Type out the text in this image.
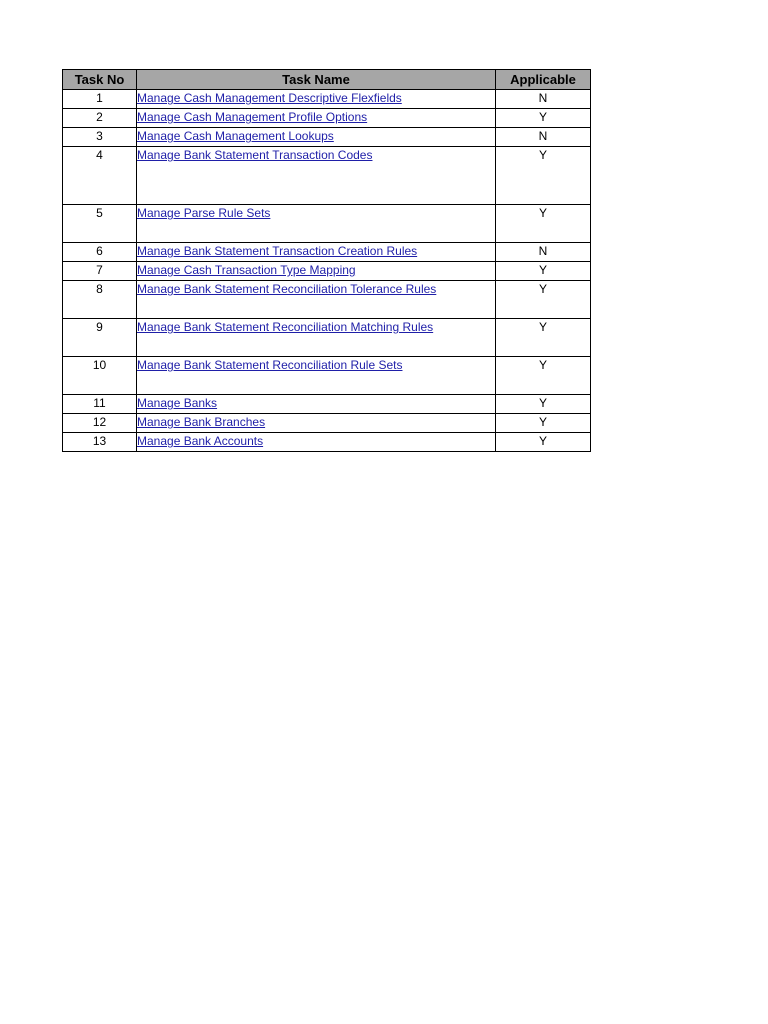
Task No	Task Name	Applicable
1	Manage Cash Management Descriptive Flexfields	N
2	Manage Cash Management Profile Options	Y
3	Manage Cash Management Lookups	N
4	Manage Bank Statement Transaction Codes	Y
5	Manage Parse Rule Sets	Y
6	Manage Bank Statement Transaction Creation Rules	N
7	Manage Cash Transaction Type Mapping	Y
8	Manage Bank Statement Reconciliation Tolerance Rules	Y
9	Manage Bank Statement Reconciliation Matching Rules	Y
10	Manage Bank Statement Reconciliation Rule Sets	Y
11	Manage Banks	Y
12	Manage Bank Branches	Y
13	Manage Bank Accounts	Y
